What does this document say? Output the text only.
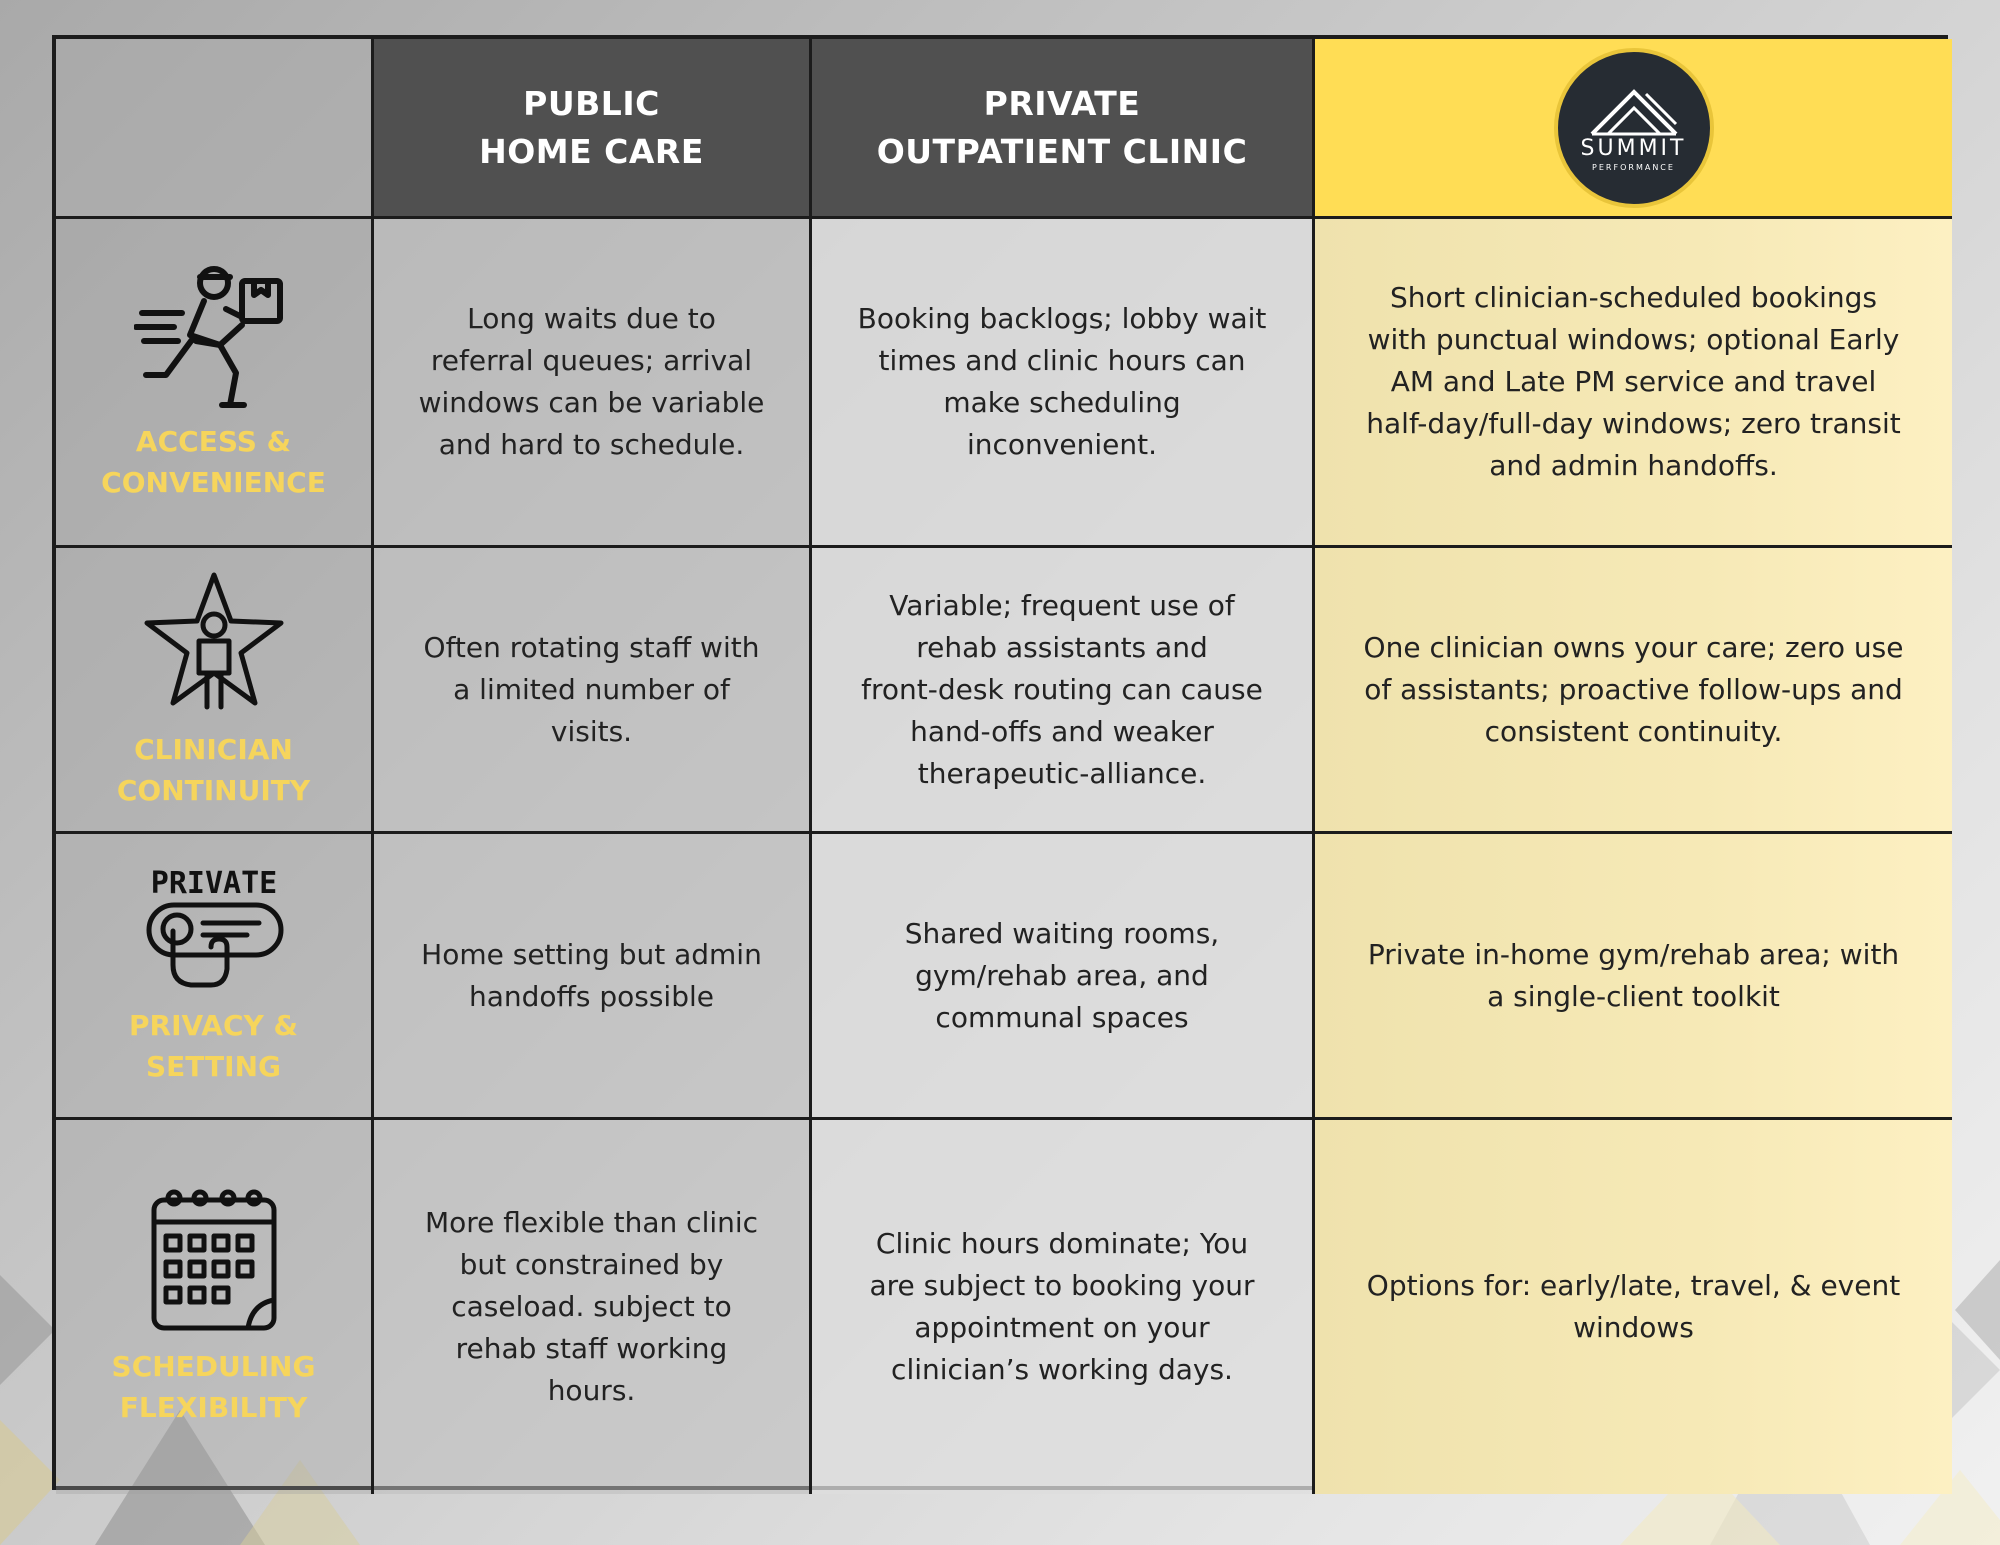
PUBLIC
HOME CARE
PRIVATE
OUTPATIENT CLINIC	SUMMIT
PERFORMANCE
ACCESS &
CONVENIENCE
Long waits due to
referral queues; arrival
windows can be variable
and hard to schedule.
Booking backlogs; lobby wait
times and clinic hours can
make scheduling
inconvenient.
Short clinician-scheduled bookings
with punctual windows; optional Early
AM and Late PM service and travel
half-day/full-day windows; zero transit
and admin handoffs.
CLINICIAN
CONTINUITY
Often rotating staff with
a limited number of
visits.
Variable; frequent use of
rehab assistants and
front-desk routing can cause
hand-offs and weaker
therapeutic-alliance.
One clinician owns your care; zero use
of assistants; proactive follow-ups and
consistent continuity.
PRIVATE
PRIVACY &
SETTING
Home setting but admin
handoffs possible
Shared waiting rooms,
gym/rehab area, and
communal spaces
Private in-home gym/rehab area; with
a single-client toolkit
SCHEDULING
FLEXIBILITY
More flexible than clinic
but constrained by
caseload. subject to
rehab staff working
hours.
Clinic hours dominate; You
are subject to booking your
appointment on your
clinician’s working days.
Options for: early/late, travel, & event
windows
